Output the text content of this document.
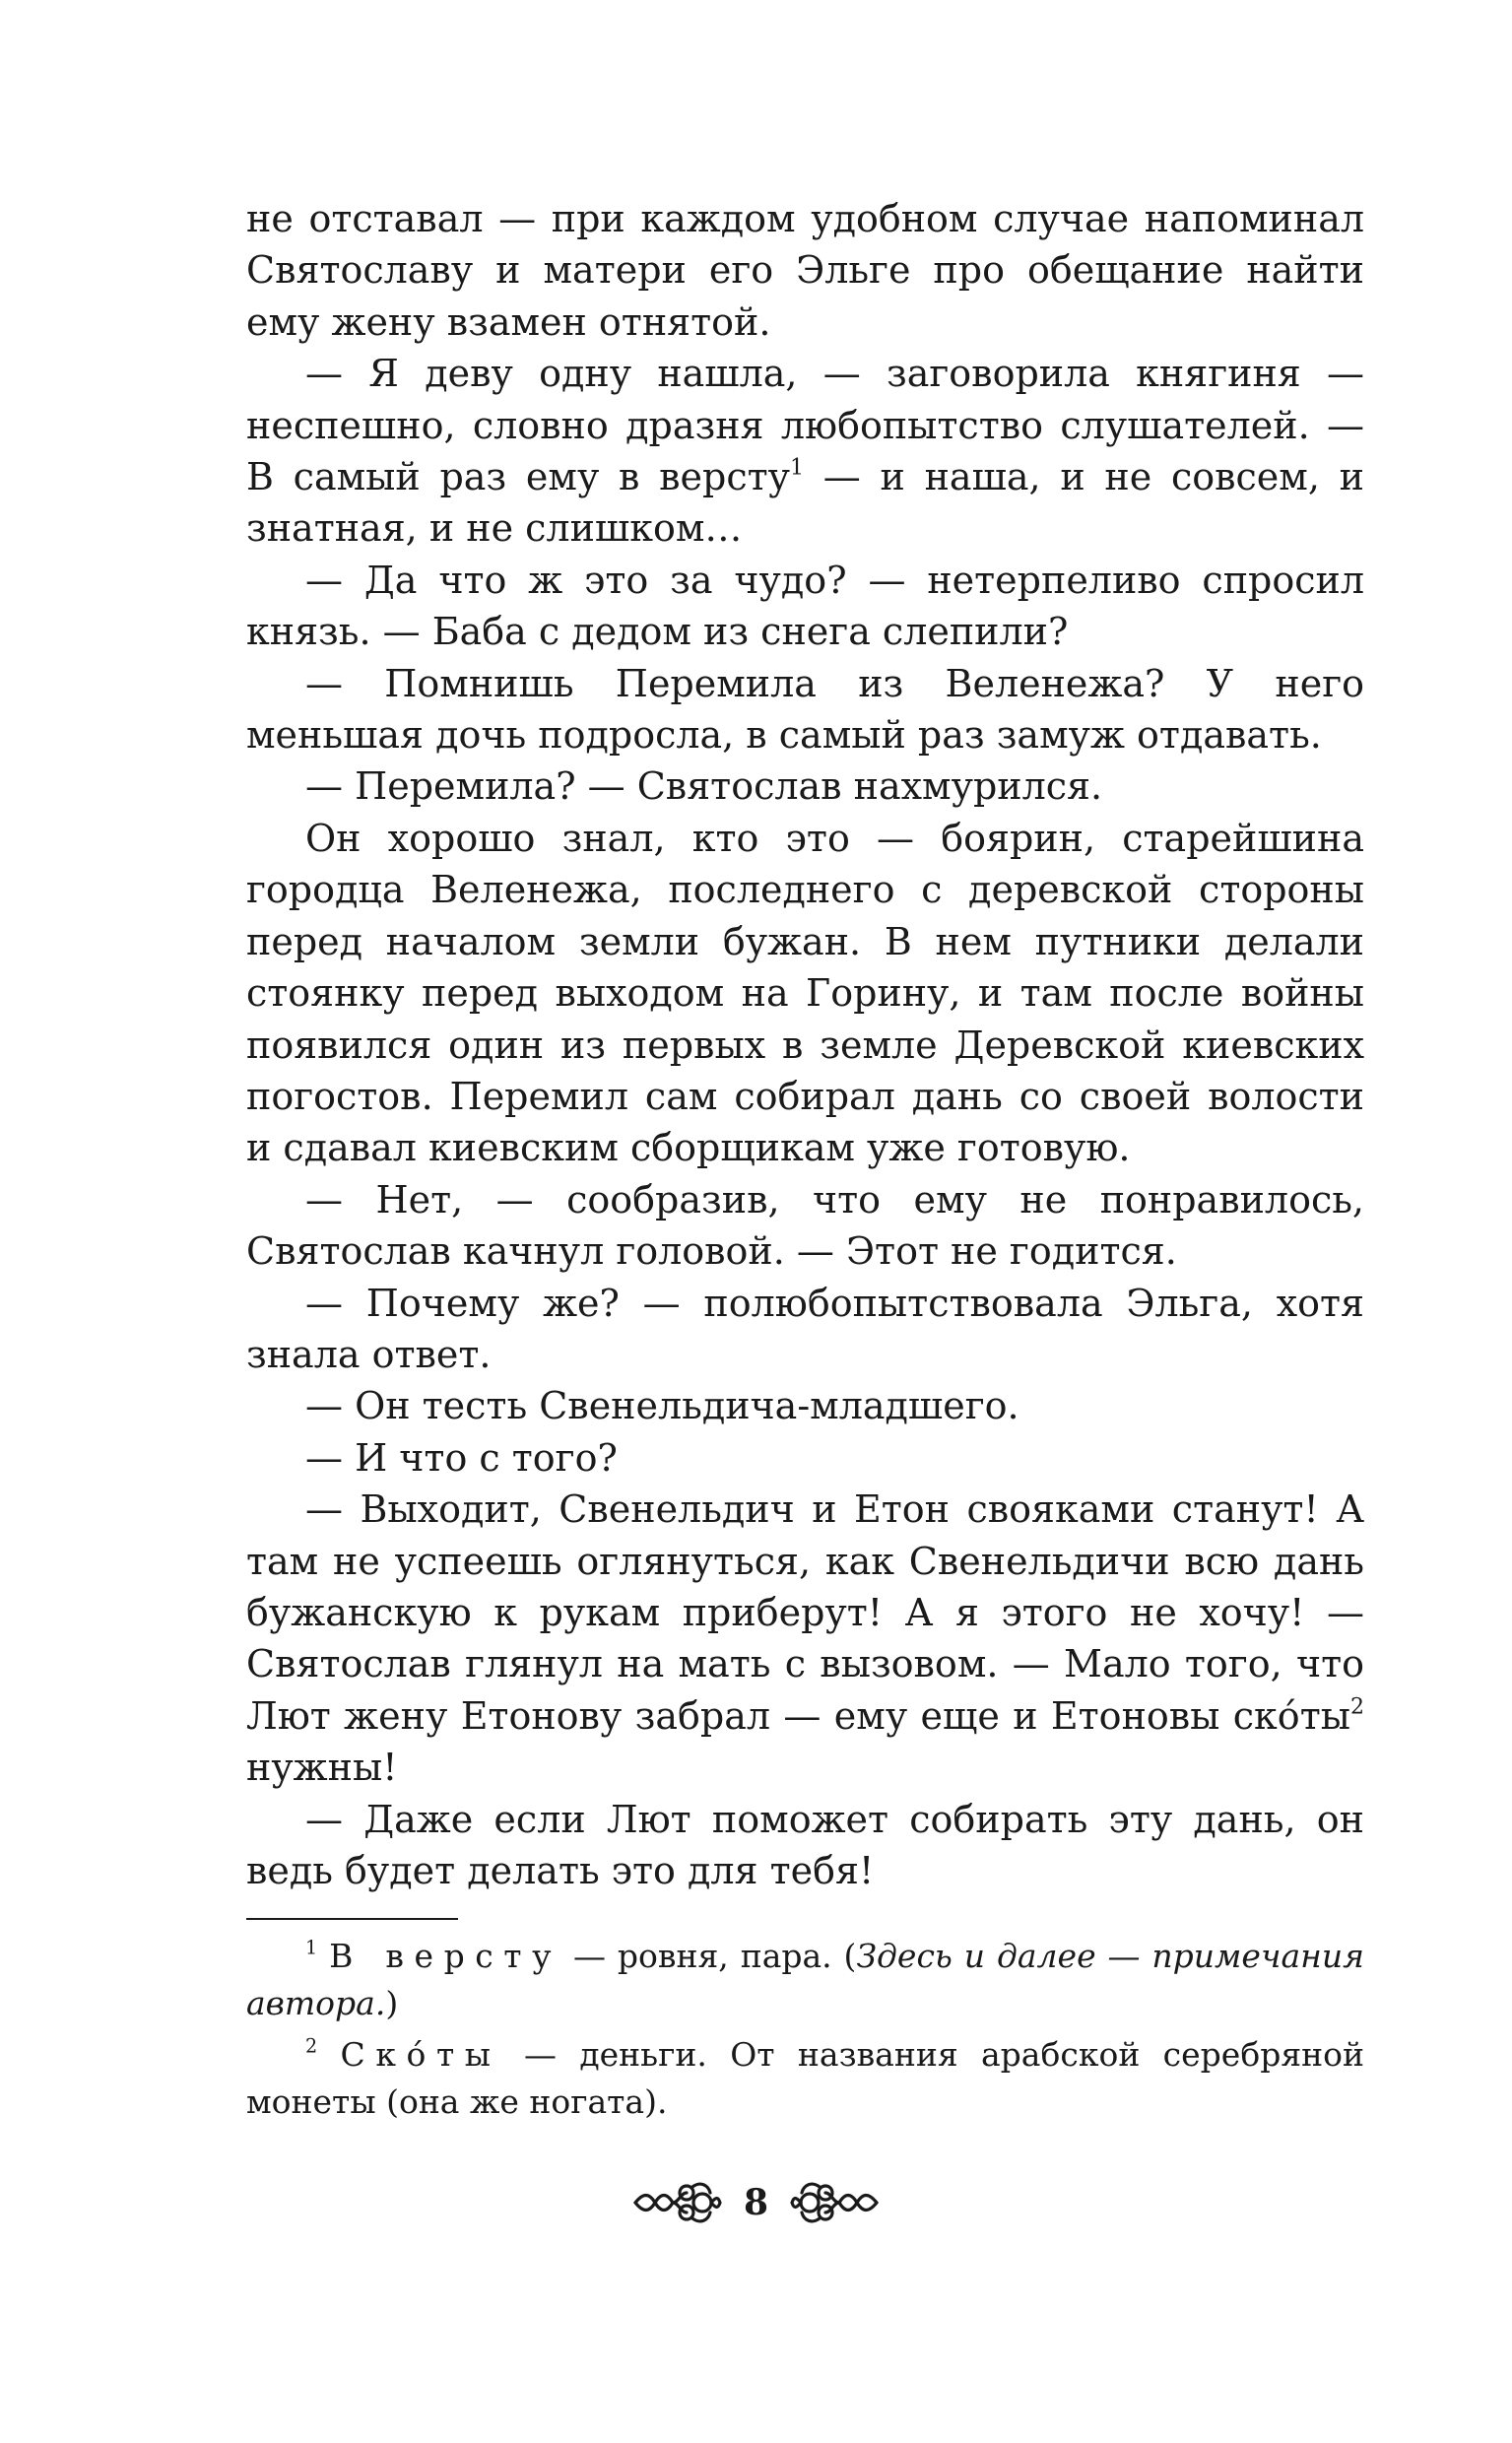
не отставал — при каждом удобном случае напоминал Святославу и матери его Эльге про обещание найти ему жену взамен отнятой.

— Я деву одну нашла, — заговорила княгиня — неспешно, словно дразня любопытство слушателей. — В самый раз ему в версту$^1$ — и наша, и не совсем, и знатная, и не слишком…

— Да что ж это за чудо? — нетерпеливо спросил князь. — Баба с дедом из снега слепили?

— Помнишь Перемила из Веленежа? У него меньшая дочь подросла, в самый раз замуж отдавать.

— Перемила? — Святослав нахмурился.

Он хорошо знал, кто это — боярин, старейшина городца Веленежа, последнего с деревской стороны перед началом земли бужан. В нем путники делали стоянку перед выходом на Горину, и там после войны появился один из первых в земле Деревской киевских погостов. Перемил сам собирал дань со своей волости и сдавал киевским сборщикам уже готовую.

— Нет, — сообразив, что ему не понравилось, Святослав качнул головой. — Этот не годится.

— Почему же? — полюбопытствовала Эльга, хотя знала ответ.

— Он тесть Свенельдича-младшего.

— И что с того?

— Выходит, Свенельдич и Етон свояками станут! А там не успеешь оглянуться, как Свенельдичи всю дань бужанскую к рукам приберут! А я этого не хочу! — Святослав глянул на мать с вызовом. — Мало того, что Лют жену Етонову забрал — ему еще и Етоновы $ско́ты^2$ нужны!

— Даже если Лют поможет собирать эту дань, он ведь будет делать это для тебя!

$^1$ В версту — ровня, пара. (Здесь и далее — примечания автора.)

$^2$ Ско́ты — деньги. От названия арабской серебряной монеты (она же ногата).

8
